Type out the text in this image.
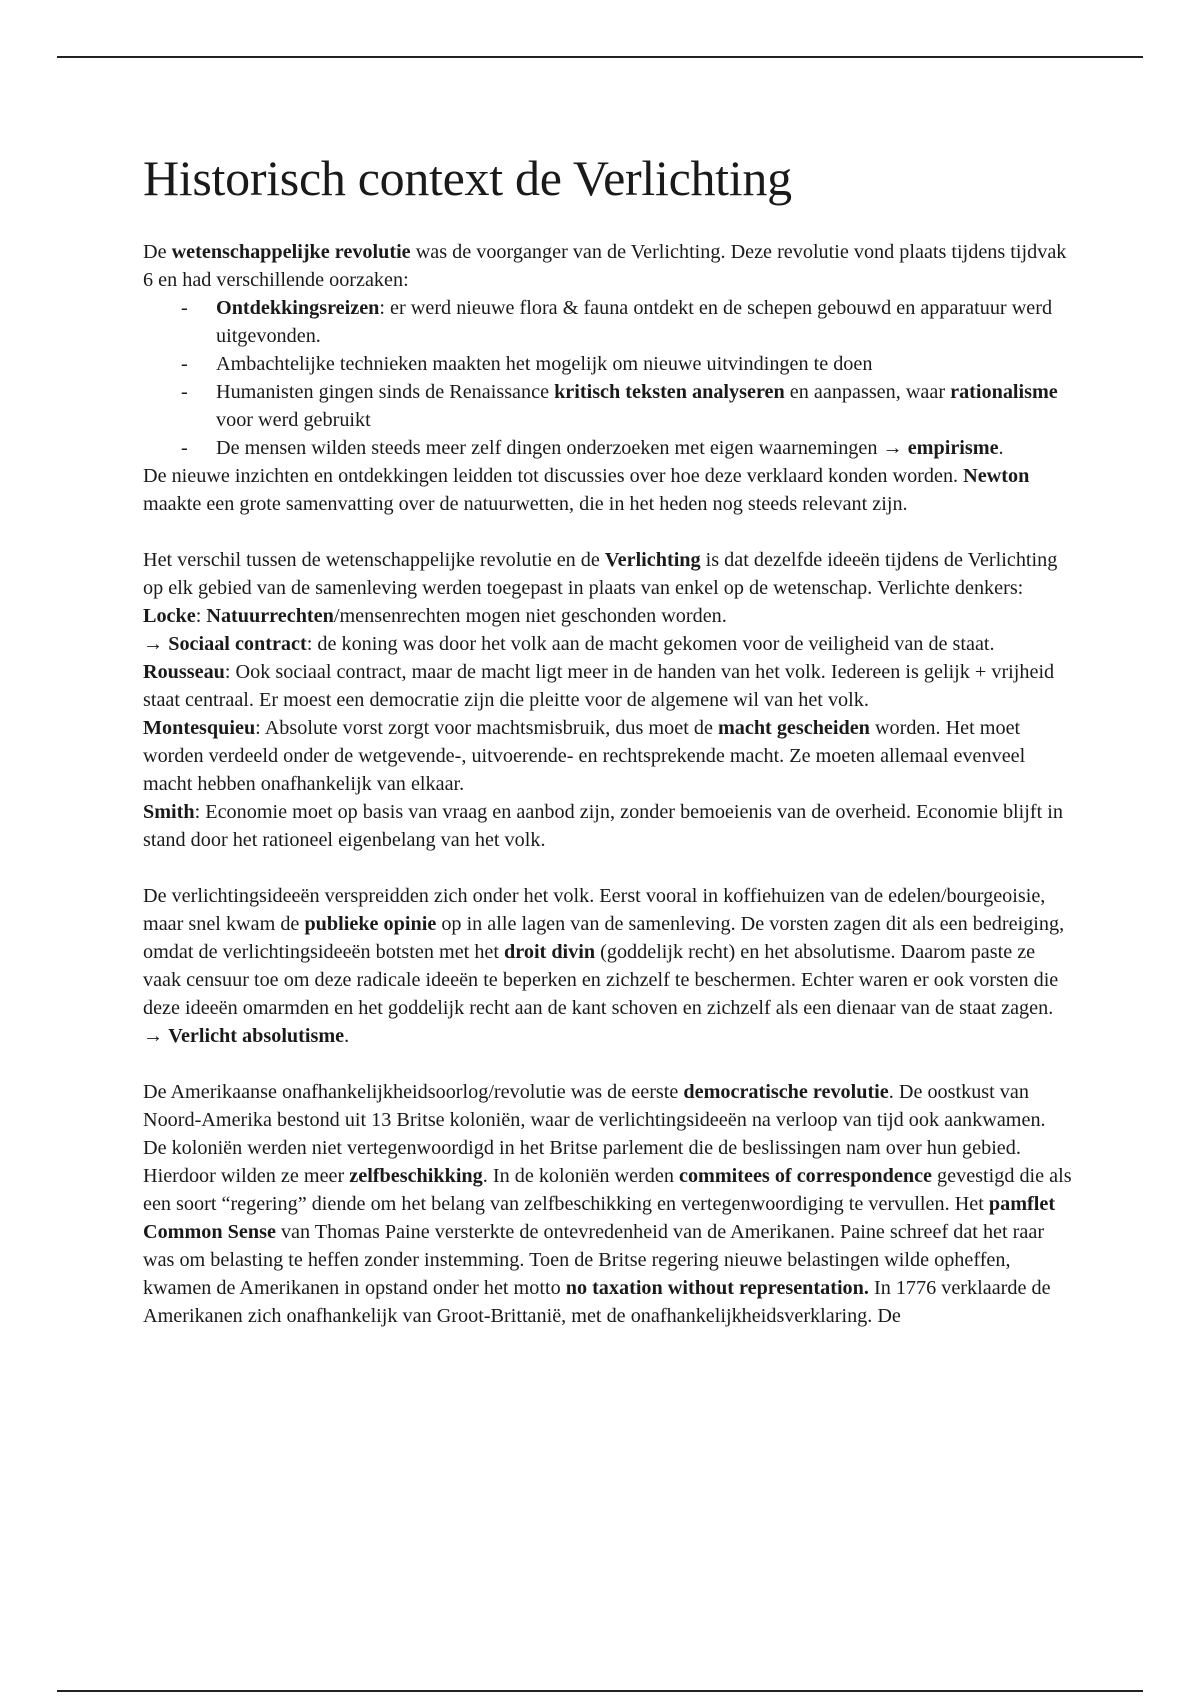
Historisch context de Verlichting

De wetenschappelijke revolutie was de voorganger van de Verlichting. Deze revolutie vond plaats tijdens tijdvak 6 en had verschillende oorzaken:

- Ontdekkingsreizen: er werd nieuwe flora & fauna ontdekt en de schepen gebouwd en apparatuur werd uitgevonden.
- Ambachtelijke technieken maakten het mogelijk om nieuwe uitvindingen te doen
- Humanisten gingen sinds de Renaissance kritisch teksten analyseren en aanpassen, waar rationalisme voor werd gebruikt
- De mensen wilden steeds meer zelf dingen onderzoeken met eigen waarnemingen → empirisme.

De nieuwe inzichten en ontdekkingen leidden tot discussies over hoe deze verklaard konden worden. Newton maakte een grote samenvatting over de natuurwetten, die in het heden nog steeds relevant zijn.

Het verschil tussen de wetenschappelijke revolutie en de Verlichting is dat dezelfde ideeën tijdens de Verlichting op elk gebied van de samenleving werden toegepast in plaats van enkel op de wetenschap. Verlichte denkers:

Locke: Natuurrechten/mensenrechten mogen niet geschonden worden.

→ Sociaal contract: de koning was door het volk aan de macht gekomen voor de veiligheid van de staat.

Rousseau: Ook sociaal contract, maar de macht ligt meer in de handen van het volk. Iedereen is gelijk + vrijheid staat centraal. Er moest een democratie zijn die pleitte voor de algemene wil van het volk.

Montesquieu: Absolute vorst zorgt voor machtsmisbruik, dus moet de macht gescheiden worden. Het moet worden verdeeld onder de wetgevende-, uitvoerende- en rechtsprekende macht. Ze moeten allemaal evenveel macht hebben onafhankelijk van elkaar.

Smith: Economie moet op basis van vraag en aanbod zijn, zonder bemoeienis van de overheid. Economie blijft in stand door het rationeel eigenbelang van het volk.

De verlichtingsideeën verspreidden zich onder het volk. Eerst vooral in koffiehuizen van de edelen/bourgeoisie, maar snel kwam de publieke opinie op in alle lagen van de samenleving. De vorsten zagen dit als een bedreiging, omdat de verlichtingsideeën botsten met het droit divin (goddelijk recht) en het absolutisme. Daarom paste ze vaak censuur toe om deze radicale ideeën te beperken en zichzelf te beschermen. Echter waren er ook vorsten die deze ideeën omarmden en het goddelijk recht aan de kant schoven en zichzelf als een dienaar van de staat zagen. → Verlicht absolutisme.

De Amerikaanse onafhankelijkheidsoorlog/revolutie was de eerste democratische revolutie. De oostkust van Noord-Amerika bestond uit 13 Britse koloniën, waar de verlichtingsideeën na verloop van tijd ook aankwamen. De koloniën werden niet vertegenwoordigd in het Britse parlement die de beslissingen nam over hun gebied. Hierdoor wilden ze meer zelfbeschikking. In de koloniën werden commitees of correspondence gevestigd die als een soort “regering” diende om het belang van zelfbeschikking en vertegenwoordiging te vervullen. Het pamflet Common Sense van Thomas Paine versterkte de ontevredenheid van de Amerikanen. Paine schreef dat het raar was om belasting te heffen zonder instemming. Toen de Britse regering nieuwe belastingen wilde opheffen, kwamen de Amerikanen in opstand onder het motto no taxation without representation. In 1776 verklaarde de Amerikanen zich onafhankelijk van Groot-Brittanië, met de onafhankelijkheidsverklaring. De
